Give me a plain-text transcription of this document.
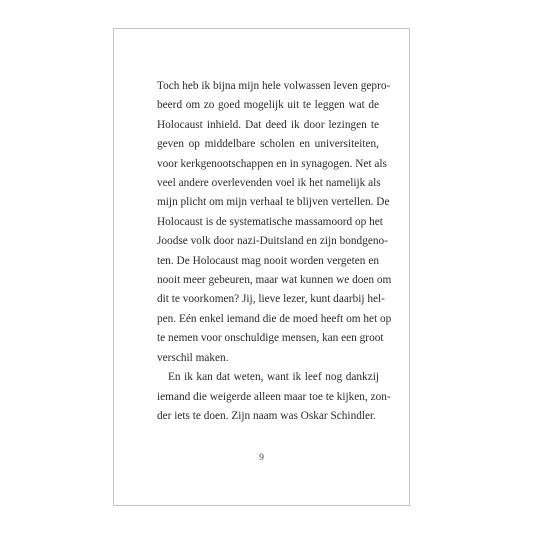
Toch heb ik bijna mijn hele volwassen leven gepro-
beerd om zo goed mogelijk uit te leggen wat de
Holocaust inhield. Dat deed ik door lezingen te
geven op middelbare scholen en universiteiten,
voor kerkgenootschappen en in synagogen. Net als
veel andere overlevenden voel ik het namelijk als
mijn plicht om mijn verhaal te blijven vertellen. De
Holocaust is de systematische massamoord op het
Joodse volk door nazi-Duitsland en zijn bondgeno-
ten. De Holocaust mag nooit worden vergeten en
nooit meer gebeuren, maar wat kunnen we doen om
dit te voorkomen? Jij, lieve lezer, kunt daarbij hel-
pen. Eén enkel iemand die de moed heeft om het op
te nemen voor onschuldige mensen, kan een groot
verschil maken.

En ik kan dat weten, want ik leef nog dankzij
iemand die weigerde alleen maar toe te kijken, zon-
der iets te doen. Zijn naam was Oskar Schindler.

9
